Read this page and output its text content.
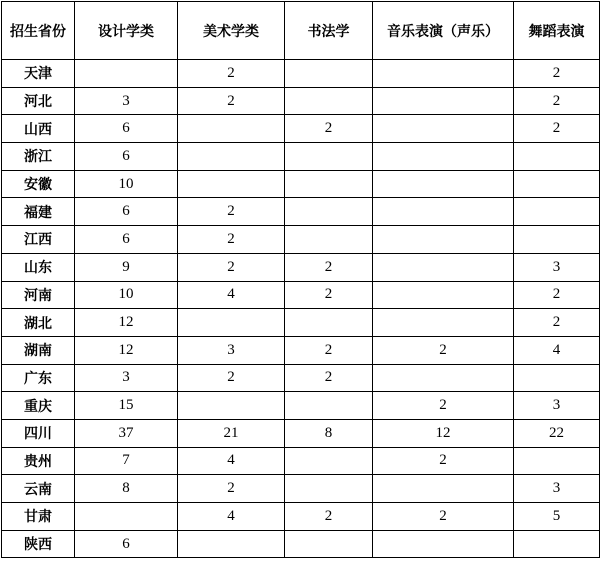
招生省份	设计学类	美术学类	书法学	音乐表演（声乐）	舞蹈表演
天津		2			2
河北	3	2			2
山西	6		2		2
浙江	6				
安徽	10				
福建	6	2			
江西	6	2			
山东	9	2	2		3
河南	10	4	2		2
湖北	12				2
湖南	12	3	2	2	4
广东	3	2	2		
重庆	15			2	3
四川	37	21	8	12	22
贵州	7	4		2	
云南	8	2			3
甘肃		4	2	2	5
陕西	6				
